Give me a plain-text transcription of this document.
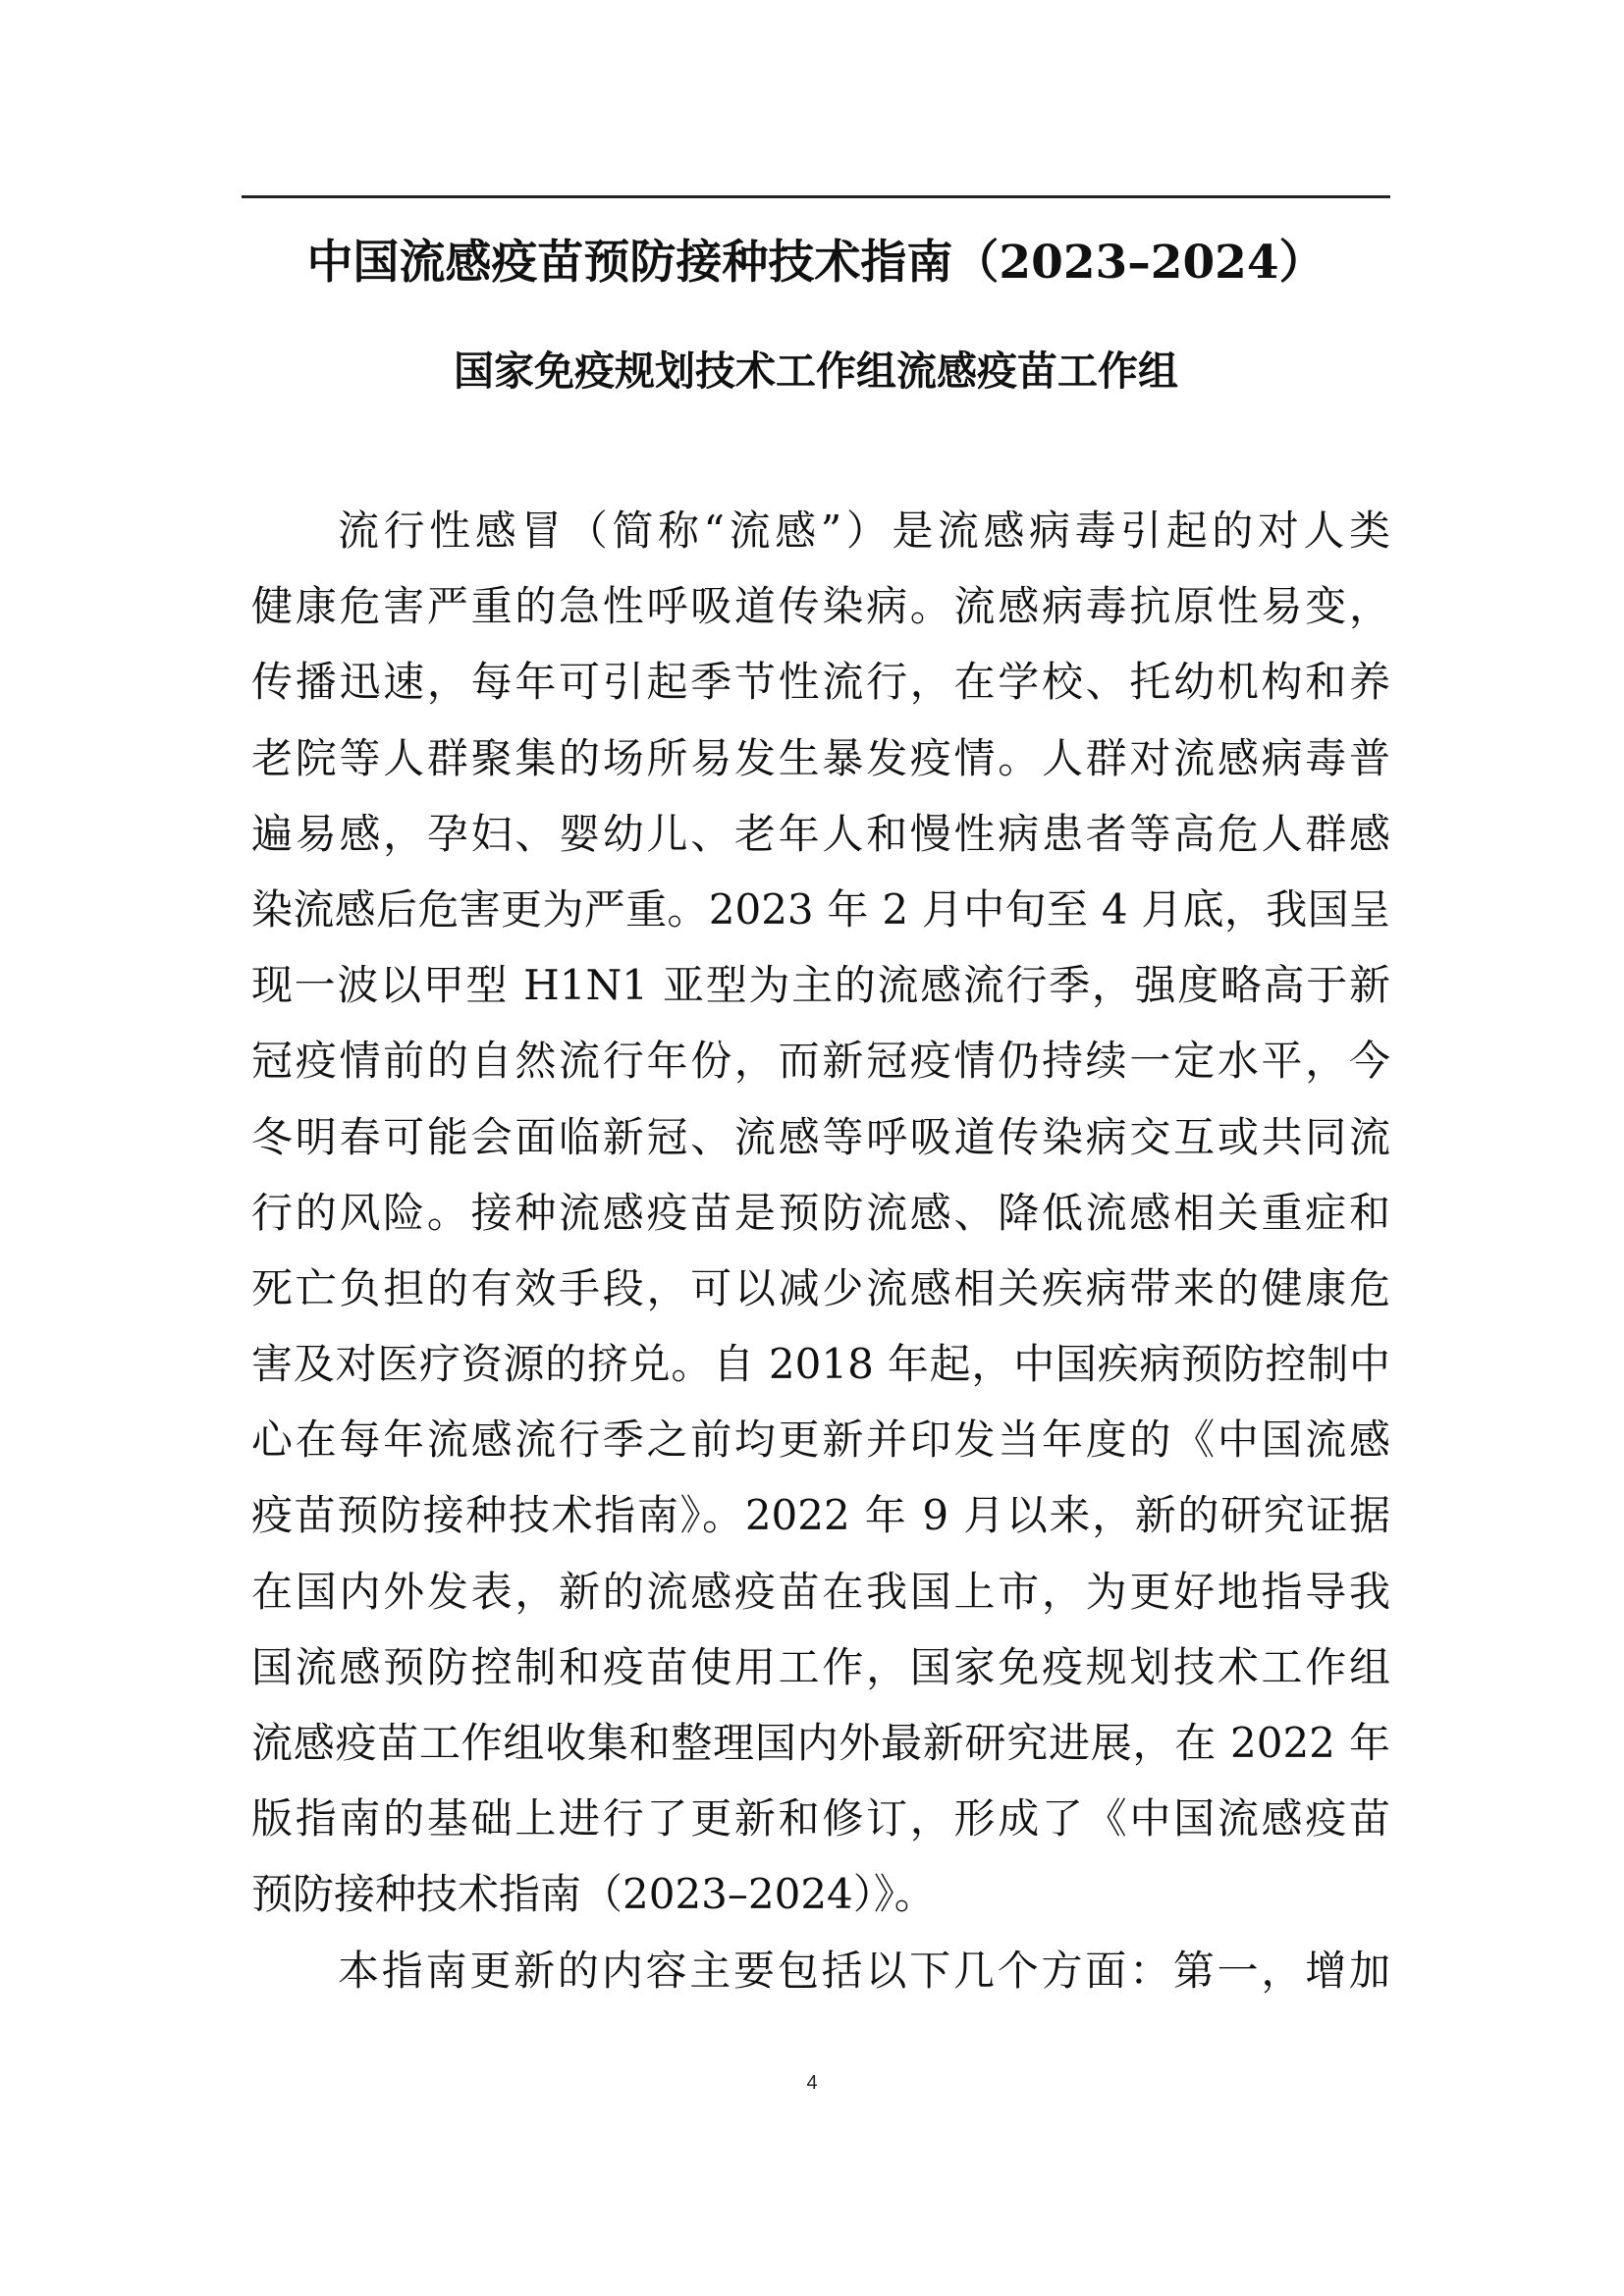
中国流感疫苗预防接种技术指南（2023–2024）
国家免疫规划技术工作组流感疫苗工作组
流行性感冒（简称“流感”）是流感病毒引起的对人类
健康危害严重的急性呼吸道传染病。流感病毒抗原性易变，
传播迅速，每年可引起季节性流行，在学校、托幼机构和养
老院等人群聚集的场所易发生暴发疫情。人群对流感病毒普
遍易感，孕妇、婴幼儿、老年人和慢性病患者等高危人群感
染流感后危害更为严重。2023 年 2 月中旬至 4 月底，我国呈
现一波以甲型 H1N1 亚型为主的流感流行季，强度略高于新
冠疫情前的自然流行年份，而新冠疫情仍持续一定水平，今
冬明春可能会面临新冠、流感等呼吸道传染病交互或共同流
行的风险。接种流感疫苗是预防流感、降低流感相关重症和
死亡负担的有效手段，可以减少流感相关疾病带来的健康危
害及对医疗资源的挤兑。自 2018 年起，中国疾病预防控制中
心在每年流感流行季之前均更新并印发当年度的《中国流感
疫苗预防接种技术指南》。2022 年 9 月以来，新的研究证据
在国内外发表，新的流感疫苗在我国上市，为更好地指导我
国流感预防控制和疫苗使用工作，国家免疫规划技术工作组
流感疫苗工作组收集和整理国内外最新研究进展，在 2022 年
版指南的基础上进行了更新和修订，形成了《中国流感疫苗
预防接种技术指南（2023–2024）》。
本指南更新的内容主要包括以下几个方面：第一，增加
4
